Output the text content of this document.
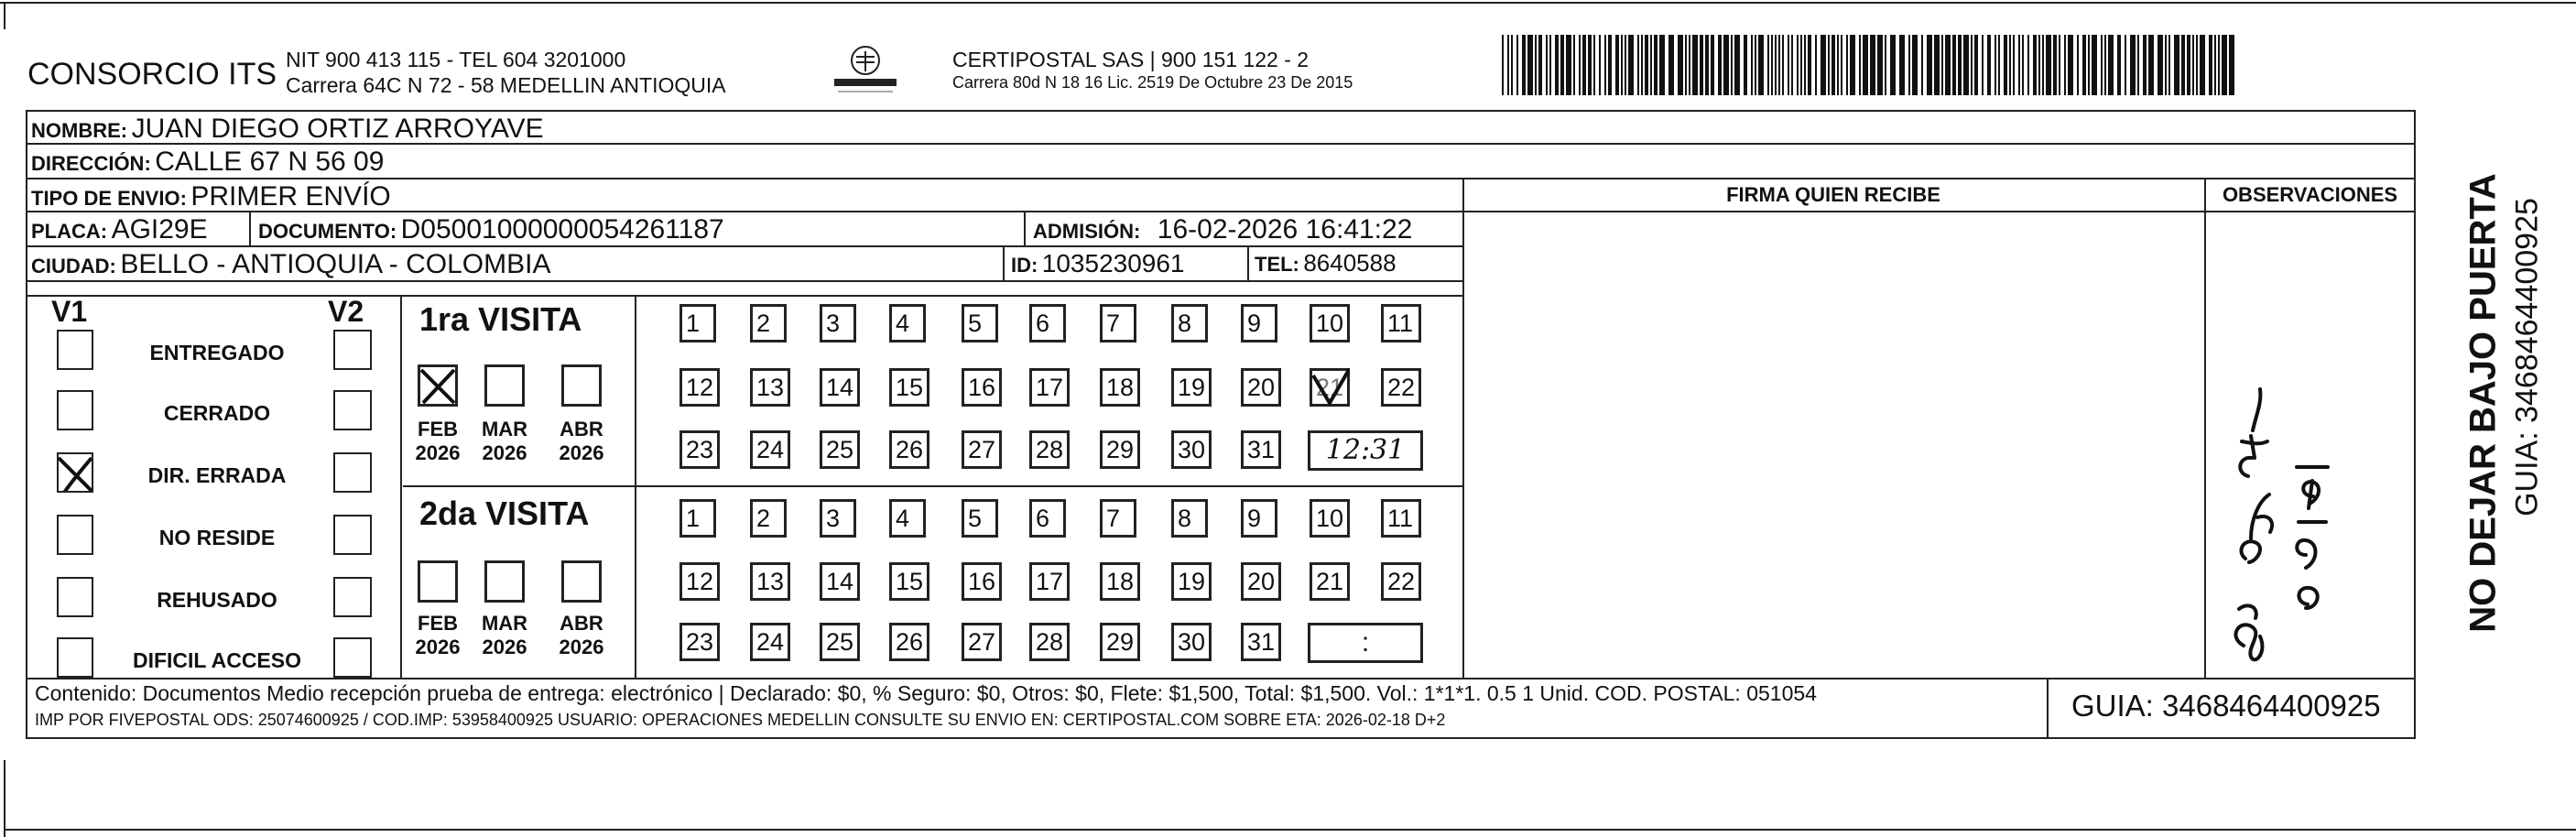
CONSORCIO ITS NIT 900 413 115 - TEL 604 3201000
Carrera 64C N 72 - 58 MEDELLIN ANTIOQUIA
CERTIPOSTAL SAS | 900 151 122 - 2
Carrera 80d N 18 16 Lic. 2519 De Octubre 23 De 2015
NOMBRE: JUAN DIEGO ORTIZ ARROYAVE
DIRECCIÓN: CALLE 67 N 56 09
TIPO DE ENVIO: PRIMER ENVÍO
PLACA: AGI29E	DOCUMENTO: D05001000000054261187	ADMISIÓN: 16-02-2026 16:41:22
CIUDAD: BELLO - ANTIOQUIA - COLOMBIA	ID: 1035230961	TEL: 8640588
FIRMA QUIEN RECIBE	OBSERVACIONES
V1	V2
ENTREGADO
CERRADO
DIR. ERRADA
NO RESIDE
REHUSADO
DIFICIL ACCESO
1ra VISITA
2da VISITA
FEB
2026
MAR
2026
ABR
2026
FEB
2026
MAR
2026
ABR
2026
1	2	3	4	5	6	7	8	9	10 11
12 13 14 15 16 17 18 19 20 21 22
23 24 25 26 27 28 29 30 31	12:31
1	2	3	4	5	6	7	8	9	10 11
12 13 14 15 16 17 18 19 20 21 22
23 24 25 26 27 28 29 30 31	:
Contenido: Documentos Medio recepción prueba de entrega: electrónico | Declarado: $0, % Seguro: $0, Otros: $0, Flete: $1,500, Total: $1,500. Vol.: 1*1*1. 0.5 1 Unid. COD. POSTAL: 051054
IMP POR FIVEPOSTAL ODS: 25074600925 / COD.IMP: 53958400925 USUARIO: OPERACIONES MEDELLIN CONSULTE SU ENVIO EN: CERTIPOSTAL.COM SOBRE ETA: 2026-02-18 D+2	GUIA: 3468464400925
NO DEJAR BAJO PUERTA GUIA: 3468464400925
